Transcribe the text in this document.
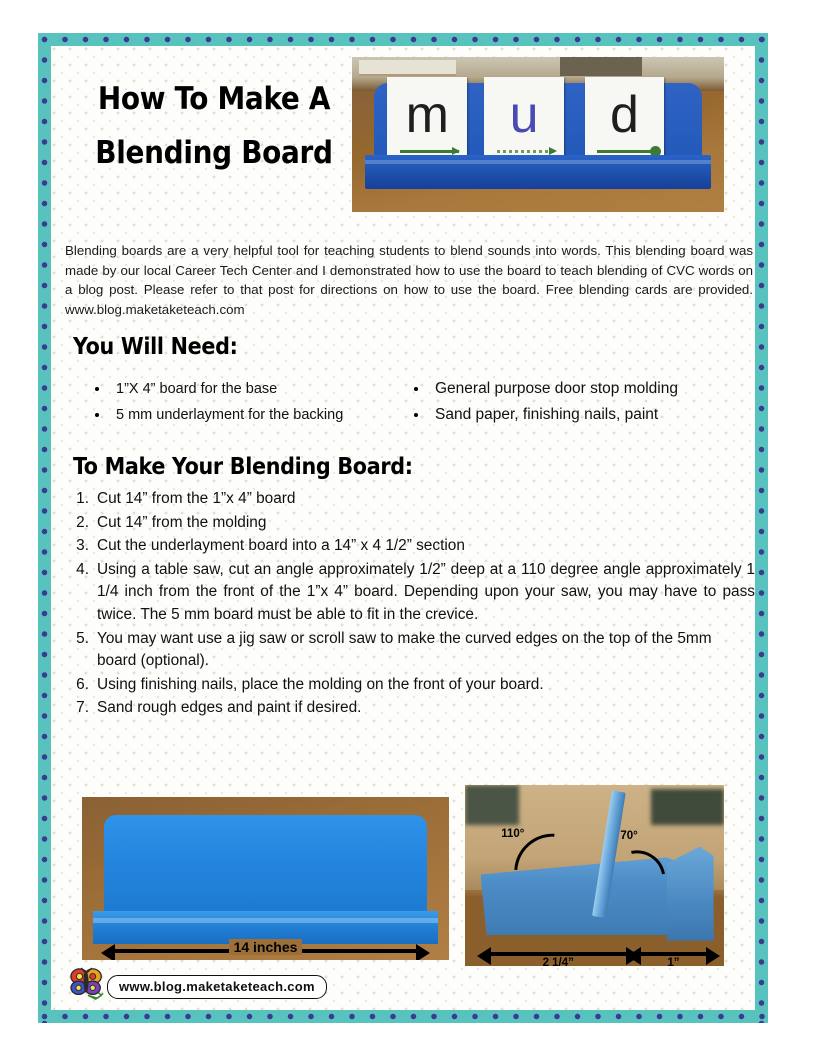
How To Make A
Blending Board
m	u	d

Blending boards are a very helpful tool for teaching students to blend sounds into words. This blending board was made by our local Career Tech Center and I demonstrated how to use the board to teach blending of CVC words on a blog post. Please refer to that post for directions on how to use the board. Free blending cards are provided. www.blog.maketaketeach.com

You Will Need:
1”X 4” board for the base
5 mm underlayment for the backing
General purpose door stop molding
Sand paper, finishing nails, paint
To Make Your Blending Board:
1. Cut 14” from the 1”x 4” board
2. Cut 14” from the molding
3. Cut the underlayment board into a 14” x 4 1/2” section
4. Using a table saw, cut an angle approximately 1/2” deep at a 110 degree angle approximately 1 1/4 inch from the front of the 1”x 4” board. Depending upon your saw, you may have to pass twice. The 5 mm board must be able to fit in the crevice.
5. You may want use a jig saw or scroll saw to make the curved edges on the top of the 5mm board (optional).
6. Using finishing nails, place the molding on the front of your board.
7. Sand rough edges and paint if desired.
14 inches
110°	70°
2 1/4”	1”
www.blog.maketaketeach.com
